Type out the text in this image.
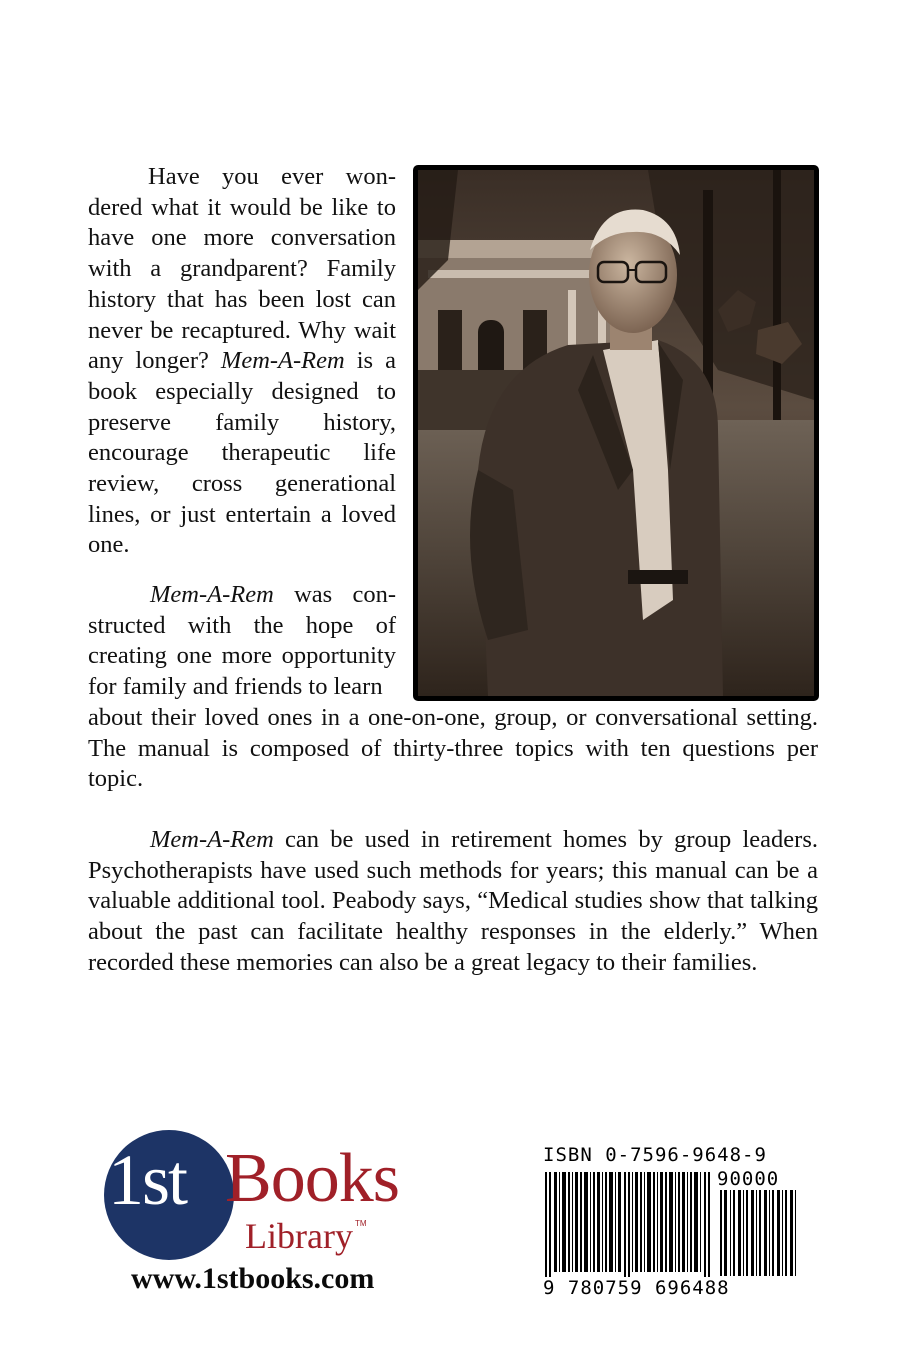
Have you ever won-dered what it would be like to have one more conversation with a grandparent? Family history that has been lost can never be recaptured. Why wait any longer? Mem-A-Rem is a book especially designed to preserve family history, encourage therapeutic life review, cross generational lines, or just entertain a loved one.

Mem-A-Rem was con-structed with the hope of creating one more opportunity for family and friends to learn

about their loved ones in a one-on-one, group, or conversational setting. The manual is composed of thirty-three topics with ten questions per topic.

Mem-A-Rem can be used in retirement homes by group leaders. Psychotherapists have used such methods for years; this manual can be a valuable additional tool. Peabody says, “Medical studies show that talking about the past can facilitate healthy responses in the elderly.” When recorded these memories can also be a great legacy to their families.

1st Books
Library TM
www.1stbooks.com
ISBN 0-7596-9648-9
90000
9 780759 696488
